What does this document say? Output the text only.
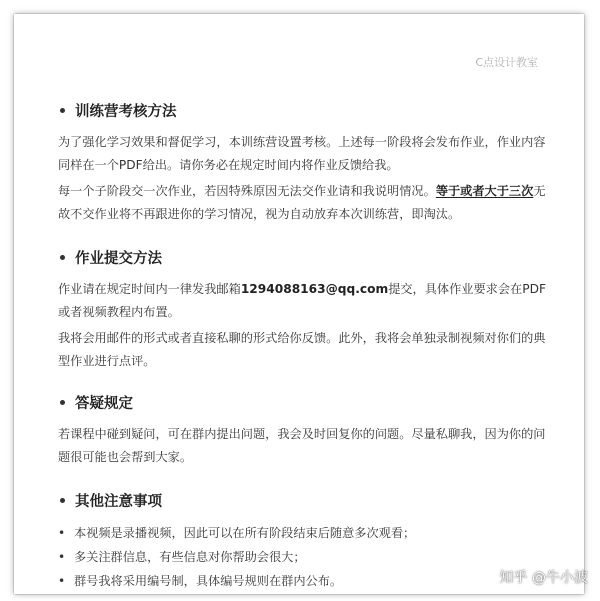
C点设计教室
训练营考核方法

为了强化学习效果和督促学习，本训练营设置考核。上述每一阶段将会发布作业，作业内容同样在一个PDF给出。请你务必在规定时间内将作业反馈给我。

每一个子阶段交一次作业，若因特殊原因无法交作业请和我说明情况。等于或者大于三次无故不交作业将不再跟进你的学习情况，视为自动放弃本次训练营，即淘汰。

作业提交方法

作业请在规定时间内一律发我邮箱1294088163@qq.com提交，具体作业要求会在PDF或者视频教程内布置。

我将会用邮件的形式或者直接私聊的形式给你反馈。此外，我将会单独录制视频对你们的典型作业进行点评。

答疑规定

若课程中碰到疑问，可在群内提出问题，我会及时回复你的问题。尽量私聊我，因为你的问题很可能也会帮到大家。

其他注意事项
• 本视频是录播视频，因此可以在所有阶段结束后随意多次观看；
• 多关注群信息，有些信息对你帮助会很大；
• 群号我将采用编号制，具体编号规则在群内公布。	知乎 @牛小波
